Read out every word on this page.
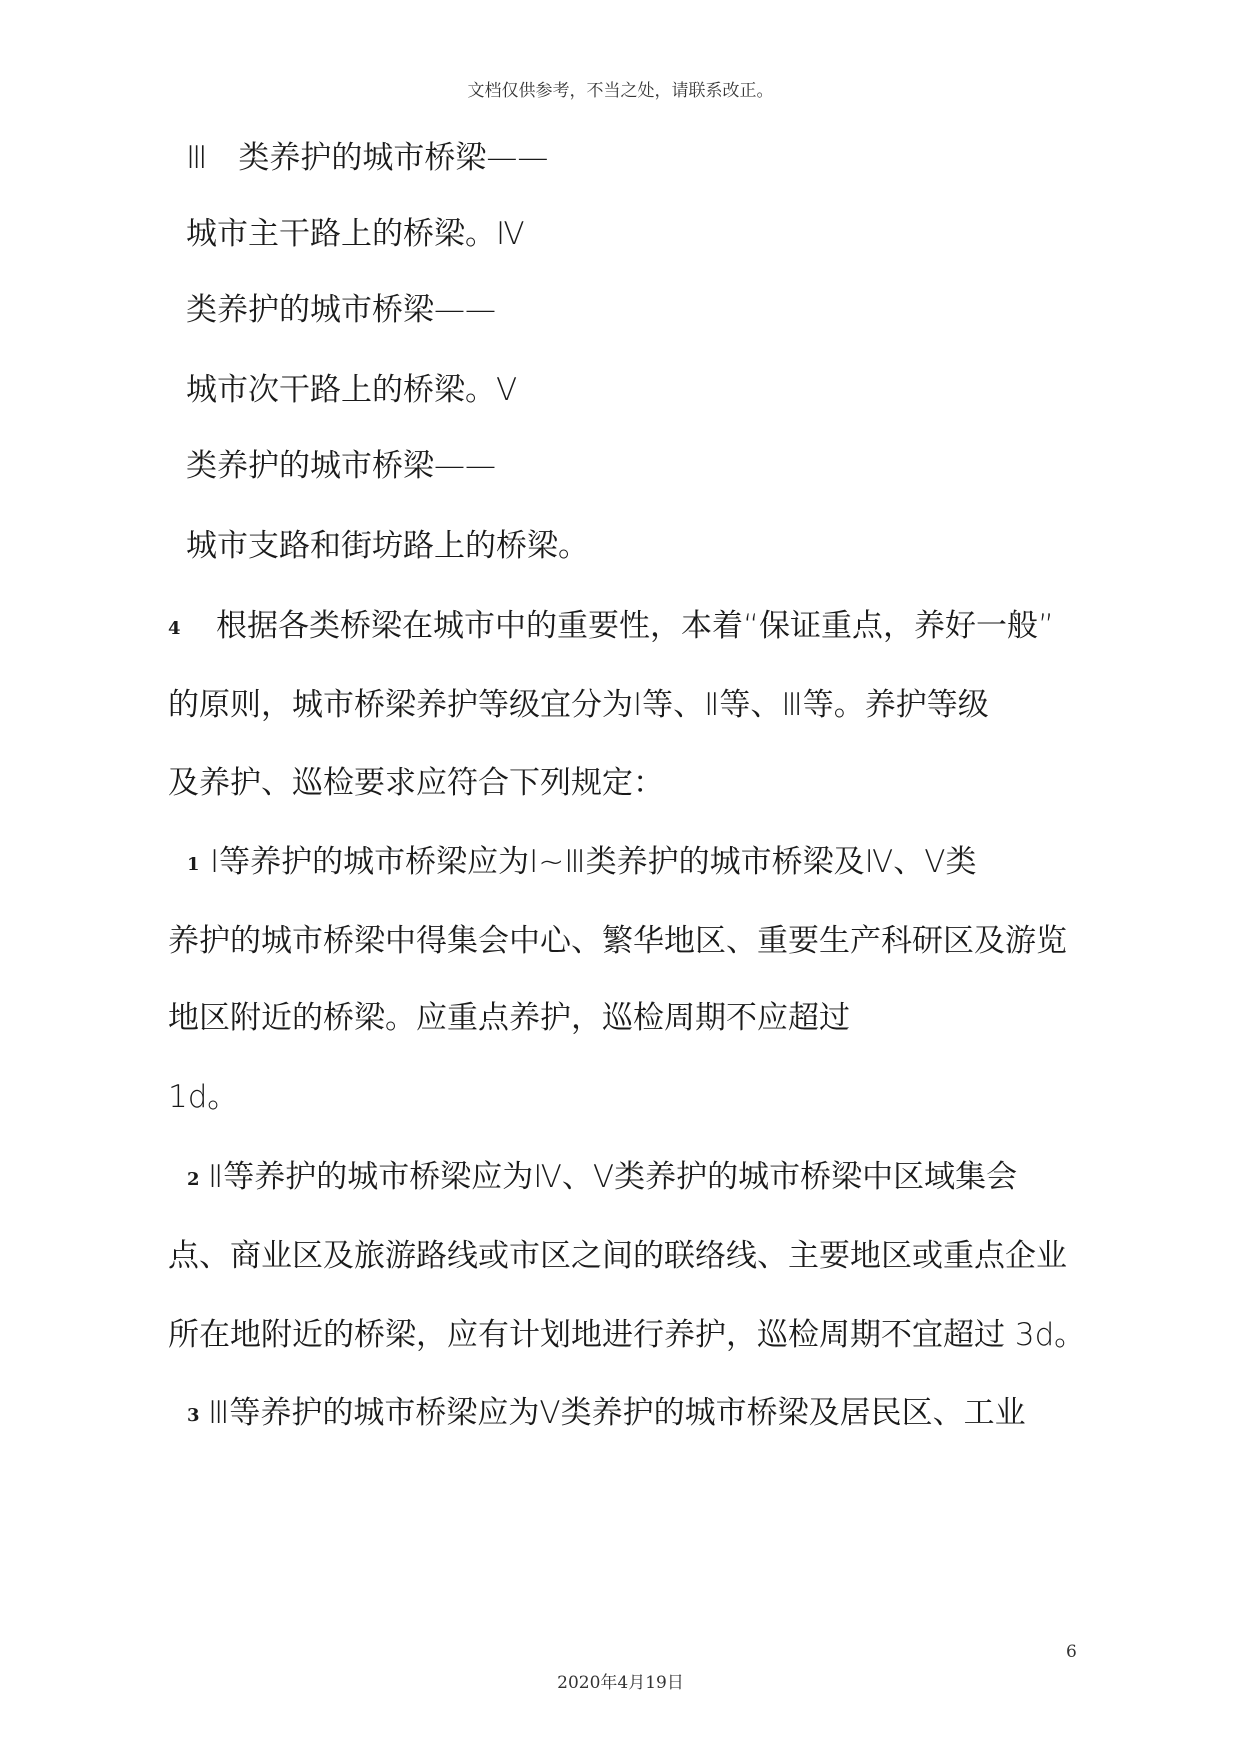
文档仅供参考，不当之处，请联系改正。
Ⅲ　类养护的城市桥梁——
城市主干路上的桥梁。Ⅳ
类养护的城市桥梁——
城市次干路上的桥梁。Ⅴ
类养护的城市桥梁——
城市支路和街坊路上的桥梁。
4 根据各类桥梁在城市中的重要性，本着“保证重点，养好一般”
的原则，城市桥梁养护等级宜分为Ⅰ等、Ⅱ等、Ⅲ等。养护等级
及养护、巡检要求应符合下列规定：
1 Ⅰ等养护的城市桥梁应为Ⅰ~Ⅲ类养护的城市桥梁及Ⅳ、Ⅴ类
养护的城市桥梁中得集会中心、繁华地区、重要生产科研区及游览
地区附近的桥梁。应重点养护，巡检周期不应超过
1d。
2 Ⅱ等养护的城市桥梁应为Ⅳ、Ⅴ类养护的城市桥梁中区域集会
点、商业区及旅游路线或市区之间的联络线、主要地区或重点企业
所在地附近的桥梁，应有计划地进行养护，巡检周期不宜超过 3d。
3 Ⅲ等养护的城市桥梁应为Ⅴ类养护的城市桥梁及居民区、工业
6
2020年4月19日
